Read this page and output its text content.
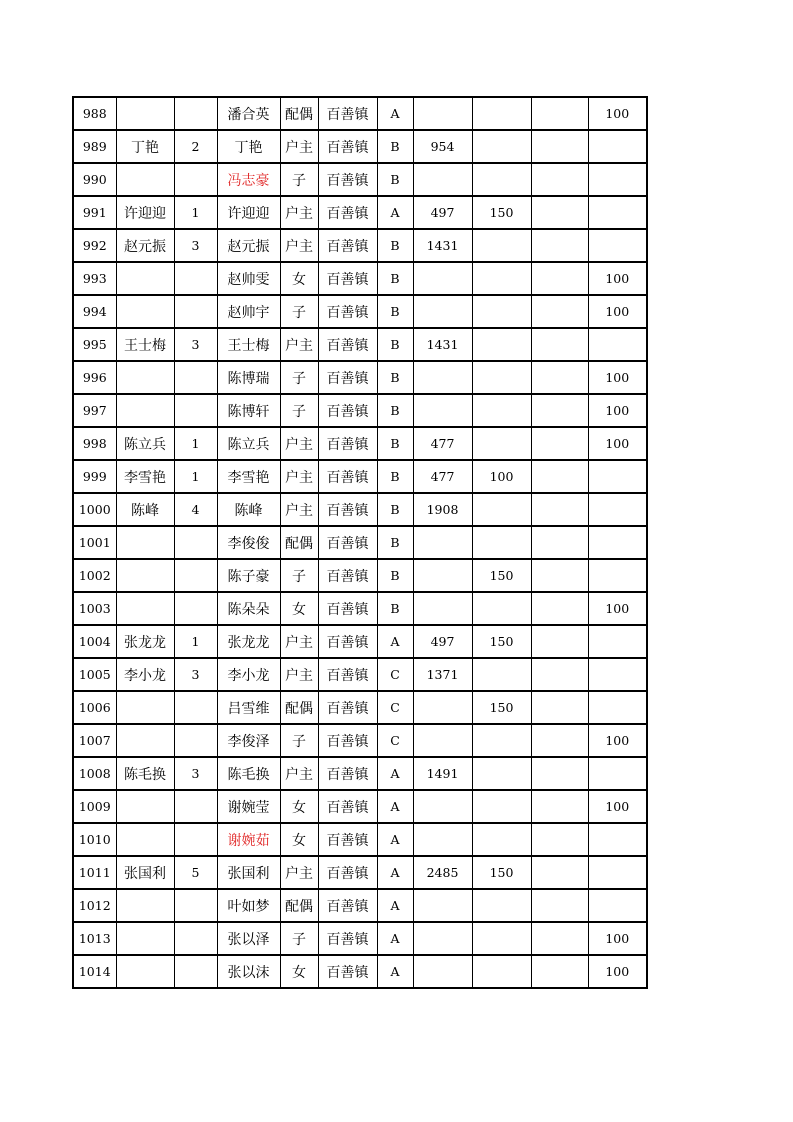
988			潘合英	配偶	百善镇	A				100
989	丁艳	2	丁艳	户主	百善镇	B	954			
990			冯志豪	子	百善镇	B				
991	许迎迎	1	许迎迎	户主	百善镇	A	497	150		
992	赵元振	3	赵元振	户主	百善镇	B	1431			
993			赵帅雯	女	百善镇	B				100
994			赵帅宇	子	百善镇	B				100
995	王士梅	3	王士梅	户主	百善镇	B	1431			
996			陈博瑞	子	百善镇	B				100
997			陈博轩	子	百善镇	B				100
998	陈立兵	1	陈立兵	户主	百善镇	B	477			100
999	李雪艳	1	李雪艳	户主	百善镇	B	477	100		
1000	陈峰	4	陈峰	户主	百善镇	B	1908			
1001			李俊俊	配偶	百善镇	B				
1002			陈子豪	子	百善镇	B		150		
1003			陈朵朵	女	百善镇	B				100
1004	张龙龙	1	张龙龙	户主	百善镇	A	497	150		
1005	李小龙	3	李小龙	户主	百善镇	C	1371			
1006			吕雪维	配偶	百善镇	C		150		
1007			李俊泽	子	百善镇	C				100
1008	陈毛换	3	陈毛换	户主	百善镇	A	1491			
1009			谢婉莹	女	百善镇	A				100
1010			谢婉茹	女	百善镇	A				
1011	张国利	5	张国利	户主	百善镇	A	2485	150		
1012			叶如梦	配偶	百善镇	A				
1013			张以泽	子	百善镇	A				100
1014			张以沫	女	百善镇	A				100
